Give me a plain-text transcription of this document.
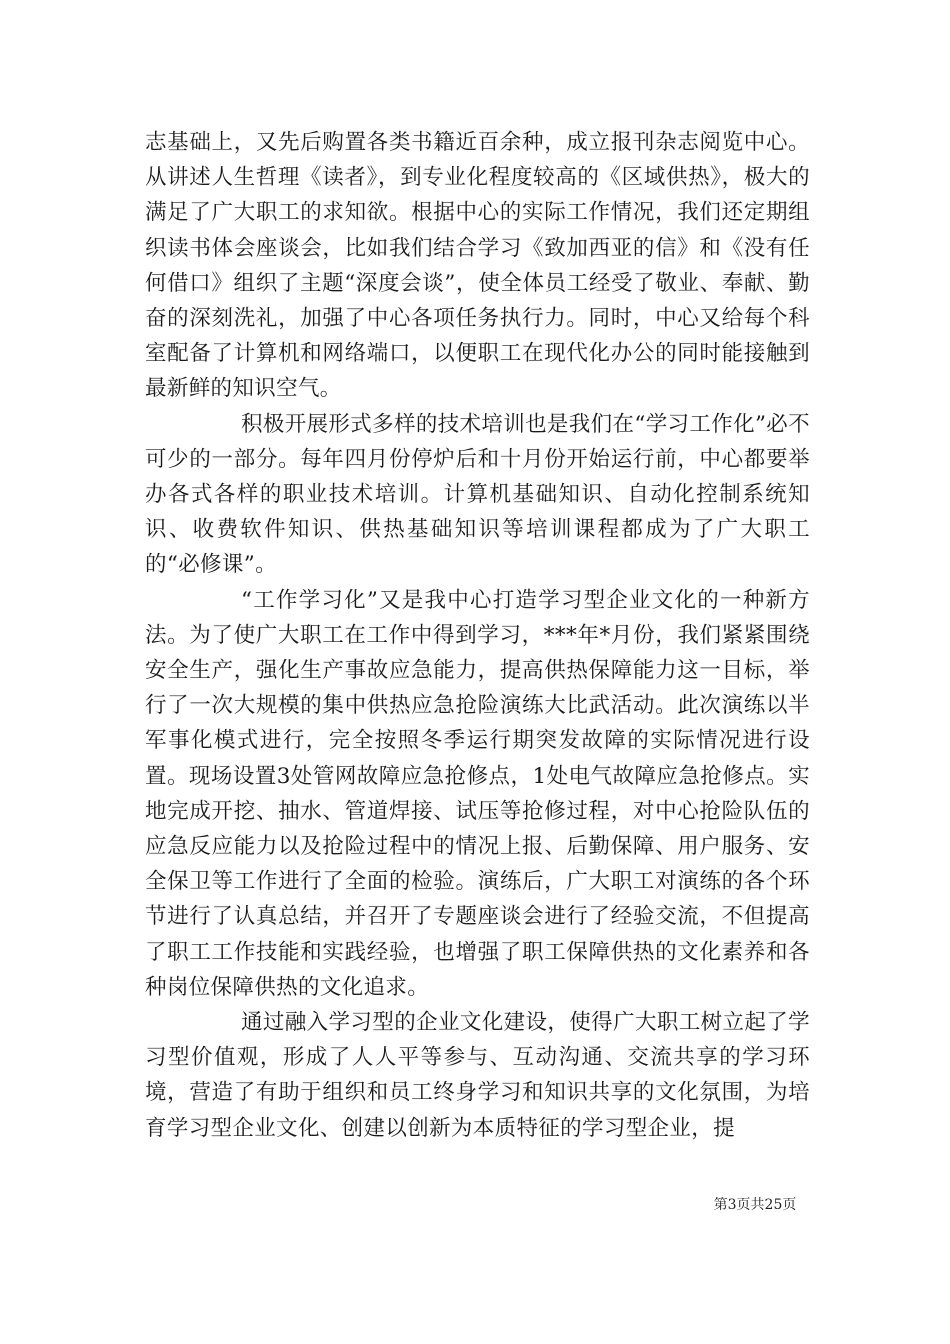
志基础上，又先后购置各类书籍近百余种，成立报刊杂志阅览中心。从讲述人生哲理《读者》，到专业化程度较高的《区域供热》，极大的满足了广大职工的求知欲。根据中心的实际工作情况，我们还定期组织读书体会座谈会，比如我们结合学习《致加西亚的信》和《没有任何借口》组织了主题“深度会谈”，使全体员工经受了敬业、奉献、勤奋的深刻洗礼，加强了中心各项任务执行力。同时，中心又给每个科室配备了计算机和网络端口，以便职工在现代化办公的同时能接触到最新鲜的知识空气。

积极开展形式多样的技术培训也是我们在“学习工作化”必不可少的一部分。每年四月份停炉后和十月份开始运行前，中心都要举办各式各样的职业技术培训。计算机基础知识、自动化控制系统知识、收费软件知识、供热基础知识等培训课程都成为了广大职工的“必修课”。

“工作学习化”又是我中心打造学习型企业文化的一种新方法。为了使广大职工在工作中得到学习，***年*月份，我们紧紧围绕安全生产，强化生产事故应急能力，提高供热保障能力这一目标，举行了一次大规模的集中供热应急抢险演练大比武活动。此次演练以半军事化模式进行，完全按照冬季运行期突发故障的实际情况进行设置。现场设置3处管网故障应急抢修点，1处电气故障应急抢修点。实地完成开挖、抽水、管道焊接、试压等抢修过程，对中心抢险队伍的应急反应能力以及抢险过程中的情况上报、后勤保障、用户服务、安全保卫等工作进行了全面的检验。演练后，广大职工对演练的各个环节进行了认真总结，并召开了专题座谈会进行了经验交流，不但提高了职工工作技能和实践经验，也增强了职工保障供热的文化素养和各种岗位保障供热的文化追求。

通过融入学习型的企业文化建设，使得广大职工树立起了学习型价值观，形成了人人平等参与、互动沟通、交流共享的学习环境，营造了有助于组织和员工终身学习和知识共享的文化氛围，为培育学习型企业文化、创建以创新为本质特征的学习型企业，提

第3页共25页
